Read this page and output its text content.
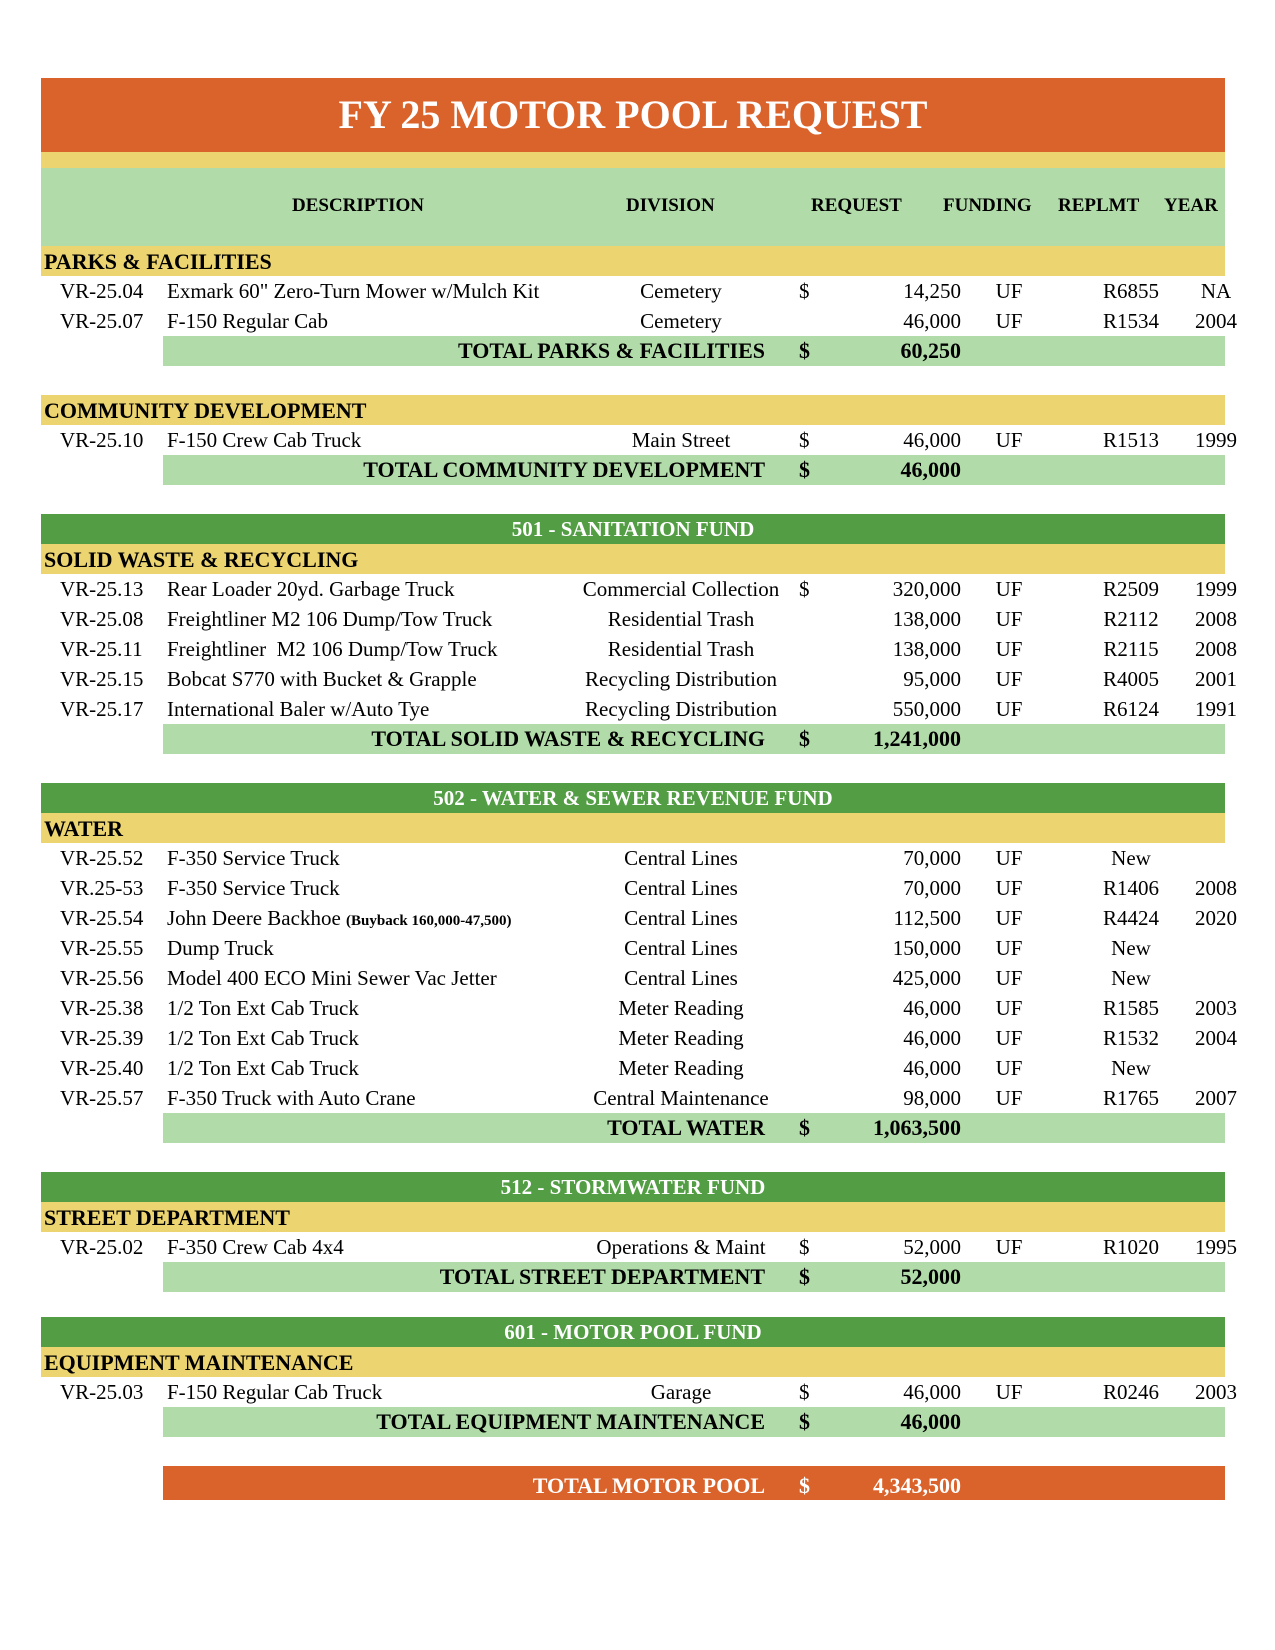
FY 25 MOTOR POOL REQUEST
DESCRIPTION	DIVISION	REQUEST FUNDING REPLMT YEAR
PARKS & FACILITIES
VR-25.04 Exmark 60" Zero-Turn Mower w/Mulch Kit	Cemetery	$	14,250	UF	R6855	NA
VR-25.07 F-150 Regular Cab	Cemetery	46,000	UF	R1534	2004
TOTAL PARKS & FACILITIES $	60,250
COMMUNITY DEVELOPMENT
VR-25.10 F-150 Crew Cab Truck	Main Street	$	46,000	UF	R1513	1999
TOTAL COMMUNITY DEVELOPMENT $	46,000
501 - SANITATION FUND
SOLID WASTE & RECYCLING
VR-25.13 Rear Loader 20yd. Garbage Truck	Commercial Collection $	320,000	UF	R2509	1999
VR-25.08 Freightliner M2 106 Dump/Tow Truck	Residential Trash	138,000	UF	R2112	2008
VR-25.11 Freightliner  M2 106 Dump/Tow Truck	Residential Trash	138,000	UF	R2115	2008
VR-25.15 Bobcat S770 with Bucket & Grapple	Recycling Distribution	95,000	UF	R4005	2001
VR-25.17 International Baler w/Auto Tye	Recycling Distribution	550,000	UF	R6124	1991
TOTAL SOLID WASTE & RECYCLING $	1,241,000
502 - WATER & SEWER REVENUE FUND
WATER
VR-25.52 F-350 Service Truck	Central Lines	70,000	UF	New
VR.25-53 F-350 Service Truck	Central Lines	70,000	UF	R1406	2008
VR-25.54 John Deere Backhoe (Buyback 160,000-47,500)	Central Lines	112,500	UF	R4424	2020
VR-25.55 Dump Truck	Central Lines	150,000	UF	New
VR-25.56 Model 400 ECO Mini Sewer Vac Jetter	Central Lines	425,000	UF	New
VR-25.38 1/2 Ton Ext Cab Truck	Meter Reading	46,000	UF	R1585	2003
VR-25.39 1/2 Ton Ext Cab Truck	Meter Reading	46,000	UF	R1532	2004
VR-25.40 1/2 Ton Ext Cab Truck	Meter Reading	46,000	UF	New
VR-25.57 F-350 Truck with Auto Crane	Central Maintenance	98,000	UF	R1765	2007
TOTAL WATER $	1,063,500
512 - STORMWATER FUND
STREET DEPARTMENT
VR-25.02 F-350 Crew Cab 4x4	Operations & Maint	$	52,000	UF	R1020	1995
TOTAL STREET DEPARTMENT $	52,000
601 - MOTOR POOL FUND
EQUIPMENT MAINTENANCE
VR-25.03 F-150 Regular Cab Truck	Garage	$	46,000	UF	R0246	2003
TOTAL EQUIPMENT MAINTENANCE $	46,000
TOTAL MOTOR POOL $	4,343,500
